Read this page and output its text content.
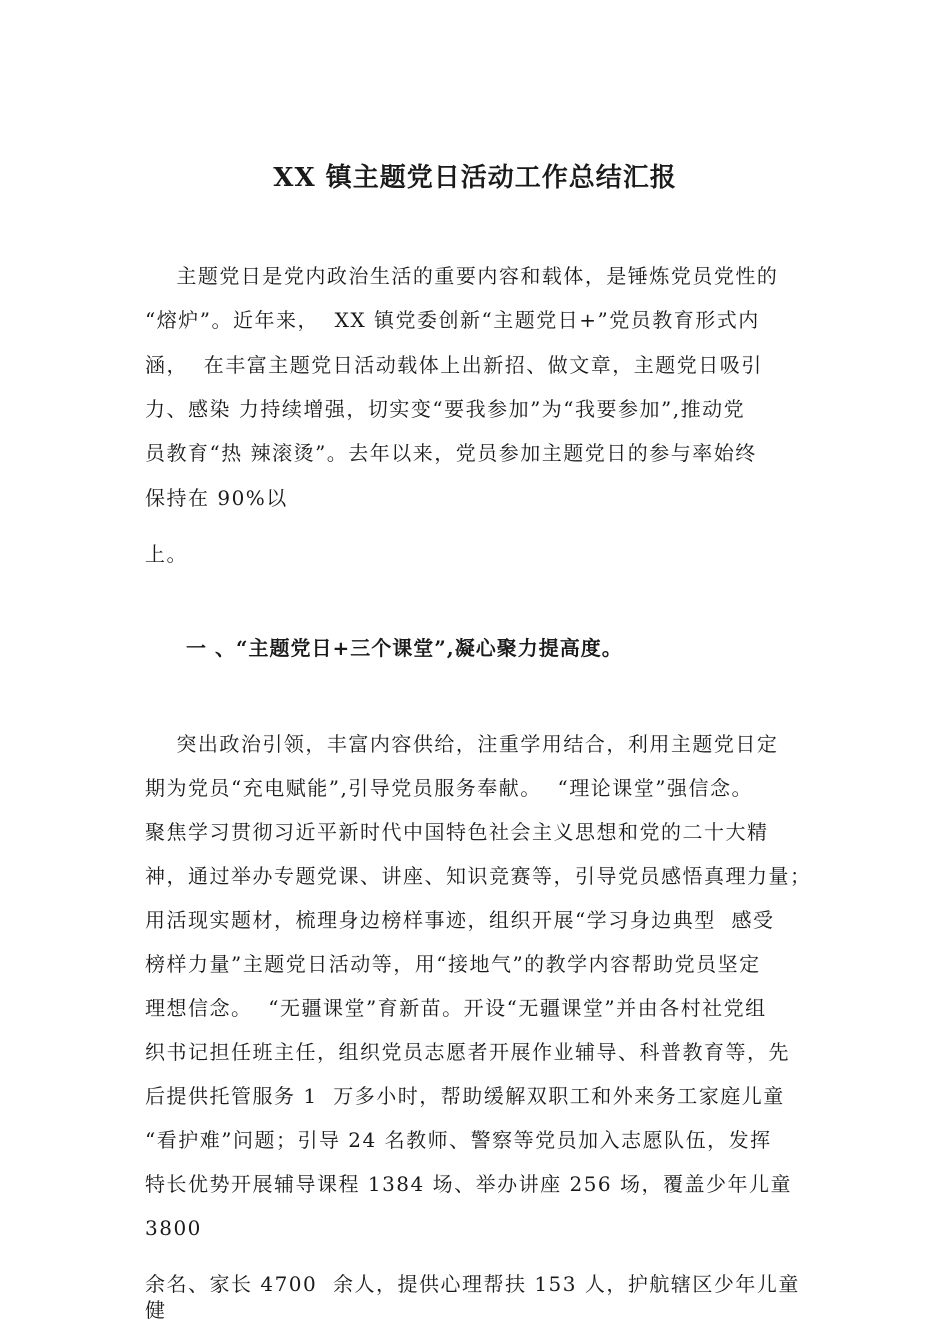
XX 镇主题党日活动工作总结汇报
主题党日是党内政治生活的重要内容和载体，是锤炼党员党性的
“熔炉”。近年来，  XX 镇党委创新“主题党日+”党员教育形式内
涵，  在丰富主题党日活动载体上出新招、做文章，主题党日吸引
力、感染 力持续增强，切实变“要我参加”为“我要参加”,推动党
员教育“热 辣滚烫”。去年以来，党员参加主题党日的参与率始终
保持在 90%以
上。
一 、“主题党日+三个课堂”,凝心聚力提高度。
突出政治引领，丰富内容供给，注重学用结合，利用主题党日定
期为党员“充电赋能”,引导党员服务奉献。  “理论课堂”强信念。
聚焦学习贯彻习近平新时代中国特色社会主义思想和党的二十大精
神，通过举办专题党课、讲座、知识竞赛等，引导党员感悟真理力量；
用活现实题材，梳理身边榜样事迹，组织开展“学习身边典型  感受
榜样力量”主题党日活动等，用“接地气”的教学内容帮助党员坚定
理想信念。  “无疆课堂”育新苗。开设“无疆课堂”并由各村社党组
织书记担任班主任，组织党员志愿者开展作业辅导、科普教育等，先
后提供托管服务 1  万多小时，帮助缓解双职工和外来务工家庭儿童
“看护难”问题；引导 24 名教师、警察等党员加入志愿队伍，发挥
特长优势开展辅导课程 1384 场、举办讲座 256 场，覆盖少年儿童
3800
余名、家长 4700  余人，提供心理帮扶 153 人，护航辖区少年儿童
健
